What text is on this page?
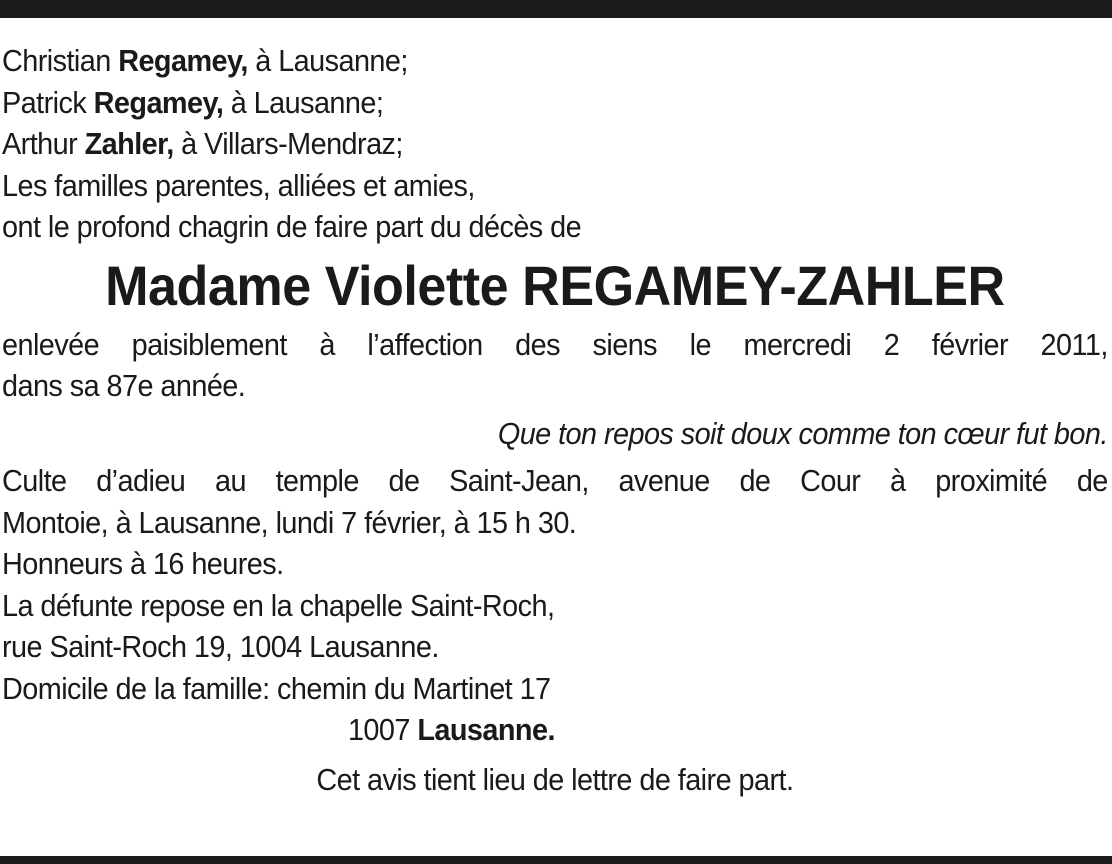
Christian Regamey, à Lausanne;
Patrick Regamey, à Lausanne;
Arthur Zahler, à Villars-Mendraz;
Les familles parentes, alliées et amies,
ont le profond chagrin de faire part du décès de
Madame Violette REGAMEY-ZAHLER
enlevée paisiblement à l’affection des siens le mercredi 2 février 2011,
dans sa 87e année.
Que ton repos soit doux comme ton cœur fut bon.
Culte d’adieu au temple de Saint-Jean, avenue de Cour à proximité de
Montoie, à Lausanne, lundi 7 février, à 15 h 30.
Honneurs à 16 heures.
La défunte repose en la chapelle Saint-Roch,
rue Saint-Roch 19, 1004 Lausanne.
Domicile de la famille: chemin du Martinet 17
1007 Lausanne.
Cet avis tient lieu de lettre de faire part.
